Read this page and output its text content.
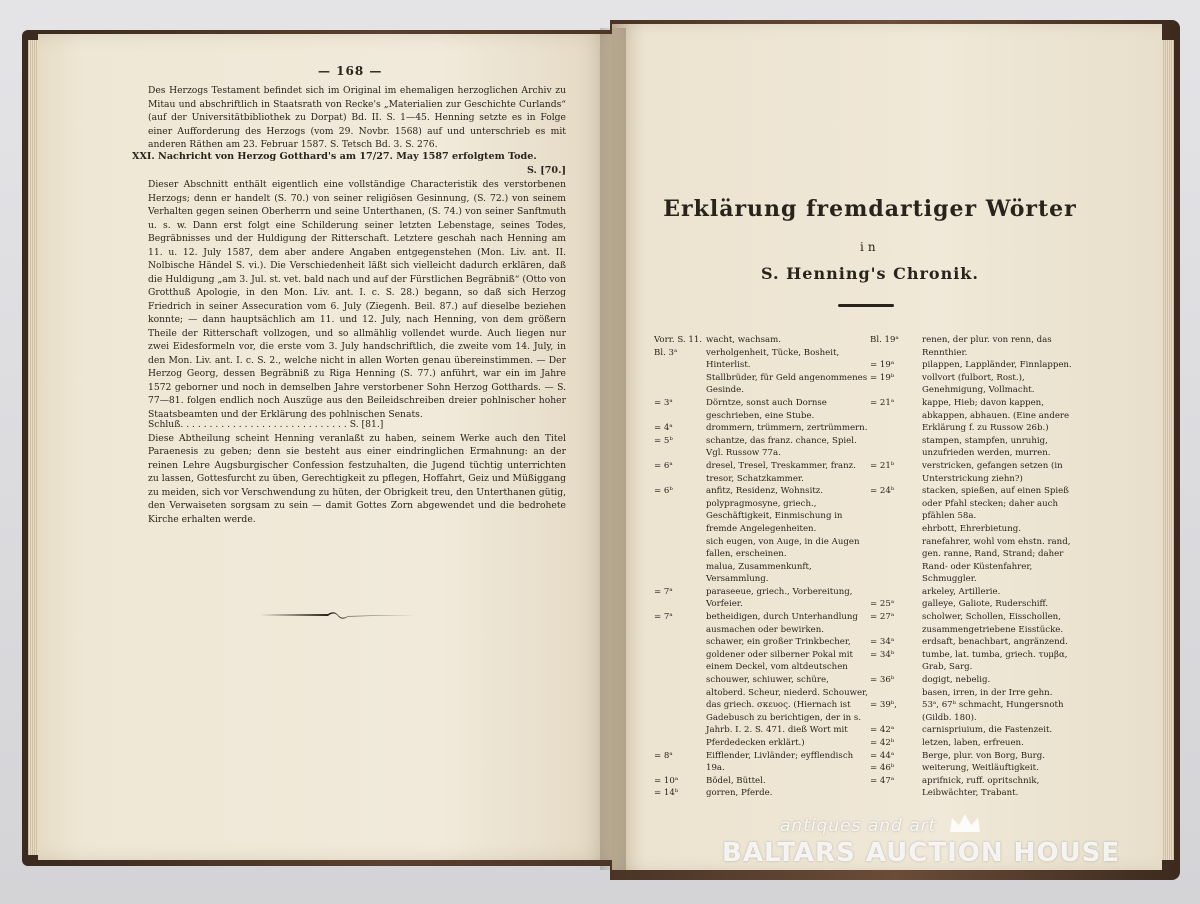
— 168 —
Des Herzogs Testament befindet sich im Original im ehemaligen herzoglichen Archiv zu Mitau und abschriftlich in Staatsrath von Recke's „Materialien zur Geschichte Curlands“ (auf der Universitätbibliothek zu Dorpat) Bd. II. S. 1—45. Henning setzte es in Folge einer Aufforderung des Herzogs (vom 29. Novbr. 1568) auf und unterschrieb es mit anderen Räthen am 23. Februar 1587. S. Tetsch Bd. 3. S. 276.
XXI. Nachricht von Herzog Gotthard's am 17/27. May 1587 erfolgtem Tode.
S. [70.]
Dieser Abschnitt enthält eigentlich eine vollständige Characteristik des verstorbenen Herzogs; denn er handelt (S. 70.) von seiner religiösen Gesinnung, (S. 72.) von seinem Verhalten gegen seinen Oberherrn und seine Unterthanen, (S. 74.) von seiner Sanftmuth u. s. w. Dann erst folgt eine Schilderung seiner letzten Lebenstage, seines Todes, Begräbnisses und der Huldigung der Ritterschaft. Letztere geschah nach Henning am 11. u. 12. July 1587, dem aber andere Angaben entgegenstehen (Mon. Liv. ant. II. Nolbische Händel S. vi.). Die Verschiedenheit läßt sich vielleicht dadurch erklären, daß die Huldigung „am 3. Jul. st. vet. bald nach und auf der Fürstlichen Begräbniß“ (Otto von Grotthuß Apologie, in den Mon. Liv. ant. I. c. S. 28.) begann, so daß sich Herzog Friedrich in seiner Assecuration vom 6. July (Ziegenh. Beil. 87.) auf dieselbe beziehen konnte; — dann hauptsächlich am 11. und 12. July, nach Henning, von dem größern Theile der Ritterschaft vollzogen, und so allmählig vollendet wurde. Auch liegen nur zwei Eidesformeln vor, die erste vom 3. July handschriftlich, die zweite vom 14. July, in den Mon. Liv. ant. I. c. S. 2., welche nicht in allen Worten genau übereinstimmen. — Der Herzog Georg, dessen Begräbniß zu Riga Henning (S. 77.) anführt, war ein im Jahre 1572 geborner und noch in demselben Jahre verstorbener Sohn Herzog Gotthards. — S. 77—81. folgen endlich noch Auszüge aus den Beileidschreiben dreier pohlnischer hoher Staatsbeamten und der Erklärung des pohlnischen Senats.

Schluß. . . . . . . . . . . . . . . . . . . . . . . . . . . . . S. [81.]

Diese Abtheilung scheint Henning veranlaßt zu haben, seinem Werke auch den Titel Paraenesis zu geben; denn sie besteht aus einer eindringlichen Ermahnung: an der reinen Lehre Augsburgischer Confession festzuhalten, die Jugend tüchtig unterrichten zu lassen, Gottesfurcht zu üben, Gerechtigkeit zu pflegen, Hoffahrt, Geiz und Müßiggang zu meiden, sich vor Verschwendung zu hüten, der Obrigkeit treu, den Unterthanen gütig, den Verwaiseten sorgsam zu sein — damit Gottes Zorn abgewendet und die bedrohete Kirche erhalten werde.

Erklärung fremdartiger Wörter
in
S. Henning's Chronik.
Vorr. S. 11. wacht, wachsam.
Bl. 3ᵃ	verholgenheit, Tücke, Bosheit, Hinterlist.
Stallbrüder, für Geld angenommenes Gesinde.
= 3ᵃ	Dörntze, sonst auch Dornse geschrieben, eine Stube.
= 4ᵃ	drommern, trümmern, zertrümmern.
= 5ᵇ	schantze, das franz. chance, Spiel. Vgl. Russow 77a.
= 6ᵃ	dresel, Tresel, Treskammer, franz. tresor, Schatzkammer.
= 6ᵇ	anfitz, Residenz, Wohnsitz.
polypragmosyne, griech., Geschäftigkeit, Einmischung in fremde Angelegenheiten.
sich eugen, von Auge, in die Augen fallen, erscheinen.
malua, Zusammenkunft, Versammlung.
= 7ᵃ	paraseeue, griech., Vorbereitung, Vorfeier.
= 7ᵃ	betheidigen, durch Unterhandlung ausmachen oder bewirken.
schawer, ein großer Trinkbecher, goldener oder silberner Pokal mit einem Deckel, vom altdeutschen schouwer, schiuwer, schüre, altoberd. Scheur, niederd. Schouwer, das griech. σκευος. (Hiernach ist Gadebusch zu berichtigen, der in s. Jahrb. I. 2. S. 471. dieß Wort mit Pferdedecken erklärt.)
= 8ᵃ	Eifflender, Livländer; eyfflendisch 19a.
= 10ᵃ	Bödel, Büttel.
= 14ᵇ	gorren, Pferde.
Bl. 19ᵃ	renen, der plur. von renn, das Rennthier.
= 19ᵃ	pilappen, Lappländer, Finnlappen.
= 19ᵇ	vollvort (fulbort, Rost.), Genehmigung, Vollmacht.
= 21ᵃ	kappe, Hieb; davon kappen, abkappen, abhauen. (Eine andere Erklärung f. zu Russow 26b.)
stampen, stampfen, unruhig, unzufrieden werden, murren.
= 21ᵇ	verstricken, gefangen setzen (in Unterstrickung ziehn?)
= 24ᵇ	stacken, spießen, auf einen Spieß oder Pfahl stecken; daher auch pfählen 58a.
ehrbott, Ehrerbietung.
ranefahrer, wohl vom ehstn. rand, gen. ranne, Rand, Strand; daher Rand- oder Küstenfahrer, Schmuggler.
arkeley, Artillerie.
= 25ᵃ	galleye, Galiote, Ruderschiff.
= 27ᵃ	scholwer, Schollen, Eisschollen, zusammengetriebene Eisstücke.
= 34ᵃ	erdsaft, benachbart, angränzend.
= 34ᵇ	tumbe, lat. tumba, griech. τυμβα, Grab, Sarg.
= 36ᵇ	dogigt, nebelig.
basen, irren, in der Irre gehn.
= 39ᵇ,	53ᵃ, 67ᵇ schmacht, Hungersnoth (Gildb. 180).
= 42ᵃ	carnispriuium, die Fastenzeit.
= 42ᵇ	letzen, laben, erfreuen.
= 44ᵃ	Berge, plur. von Borg, Burg.
= 46ᵇ	weiterung, Weitläuftigkeit.
= 47ᵃ	aprifnick, ruff. opritschnik, Leibwächter, Trabant.
antiques and art
BALTARS AUCTION HOUSE
